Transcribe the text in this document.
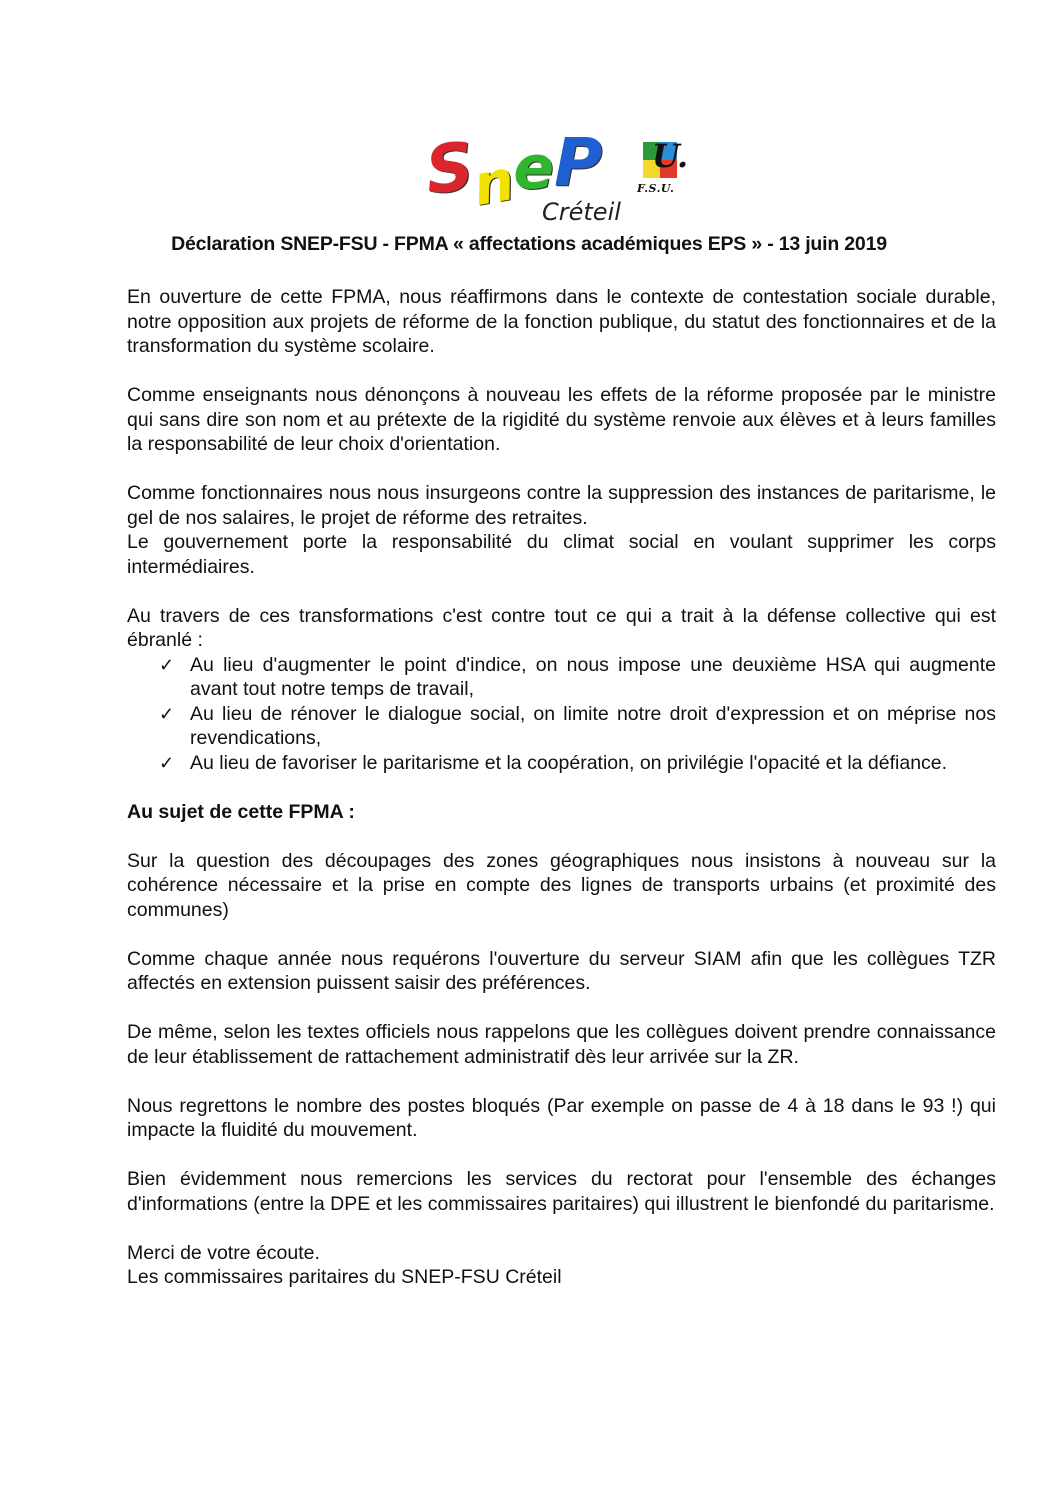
S
n
e P U.
F.S.U.
Créteil
Déclaration SNEP-FSU - FPMA « affectations académiques EPS » - 13 juin 2019

En ouverture de cette FPMA, nous réaffirmons dans le contexte de contestation sociale durable, notre opposition aux projets de réforme de la fonction publique, du statut des fonctionnaires et de la transformation du système scolaire.

Comme enseignants nous dénonçons à nouveau les effets de la réforme proposée par le ministre qui sans dire son nom et au prétexte de la rigidité du système renvoie aux élèves et à leurs familles la responsabilité de leur choix d'orientation.

Comme fonctionnaires nous nous insurgeons contre la suppression des instances de paritarisme, le gel de nos salaires, le projet de réforme des retraites.

Le gouvernement porte la responsabilité du climat social en voulant supprimer les corps intermédiaires.

Au travers de ces transformations c'est contre tout ce qui a trait à la défense collective qui est ébranlé :

✓ Au lieu d'augmenter le point d'indice, on nous impose une deuxième HSA qui augmente avant tout notre temps de travail,
✓ Au lieu de rénover le dialogue social, on limite notre droit d'expression et on méprise nos revendications,
✓ Au lieu de favoriser le paritarisme et la coopération, on privilégie l'opacité et la défiance.

Au sujet de cette FPMA :

Sur la question des découpages des zones géographiques nous insistons à nouveau sur la cohérence nécessaire et la prise en compte des lignes de transports urbains (et proximité des communes)

Comme chaque année nous requérons l'ouverture du serveur SIAM afin que les collègues TZR affectés en extension puissent saisir des préférences.

De même, selon les textes officiels nous rappelons que les collègues doivent prendre connaissance de leur établissement de rattachement administratif dès leur arrivée sur la ZR.

Nous regrettons le nombre des postes bloqués (Par exemple on passe de 4 à 18 dans le 93 !) qui impacte la fluidité du mouvement.

Bien évidemment nous remercions les services du rectorat pour l'ensemble des échanges d'informations (entre la DPE et les commissaires paritaires) qui illustrent le bienfondé du paritarisme.

Merci de votre écoute.

Les commissaires paritaires du SNEP-FSU Créteil
